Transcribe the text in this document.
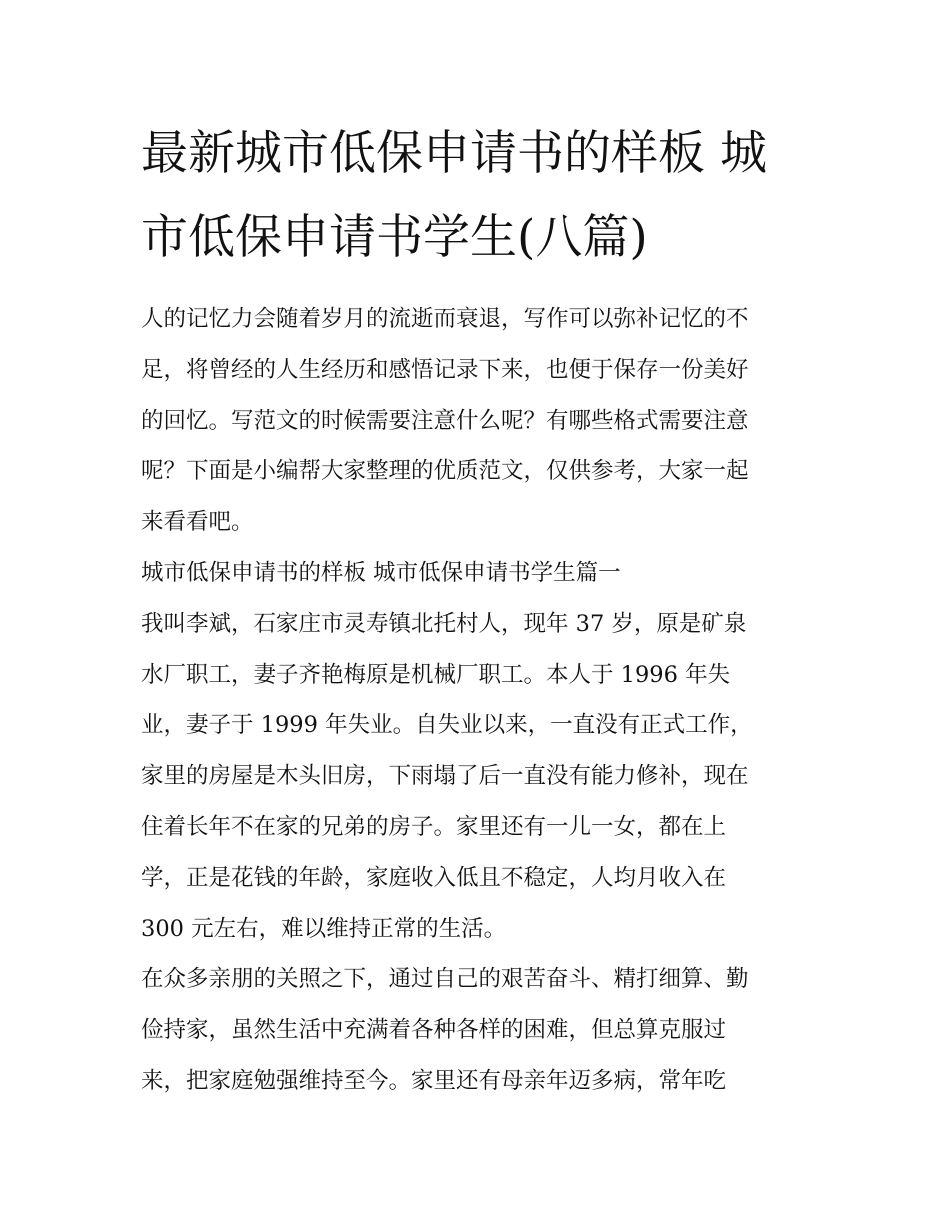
最新城市低保申请书的样板 城
市低保申请书学生(八篇)
人的记忆力会随着岁月的流逝而衰退，写作可以弥补记忆的不
足，将曾经的人生经历和感悟记录下来，也便于保存一份美好
的回忆。写范文的时候需要注意什么呢？有哪些格式需要注意
呢？下面是小编帮大家整理的优质范文，仅供参考，大家一起
来看看吧。
城市低保申请书的样板 城市低保申请书学生篇一
我叫李斌，石家庄市灵寿镇北托村人，现年 37 岁，原是矿泉
水厂职工，妻子齐艳梅原是机械厂职工。本人于 1996 年失
业，妻子于 1999 年失业。自失业以来，一直没有正式工作，
家里的房屋是木头旧房，下雨塌了后一直没有能力修补，现在
住着长年不在家的兄弟的房子。家里还有一儿一女，都在上
学，正是花钱的年龄，家庭收入低且不稳定，人均月收入在
300 元左右，难以维持正常的生活。
在众多亲朋的关照之下，通过自己的艰苦奋斗、精打细算、勤
俭持家，虽然生活中充满着各种各样的困难，但总算克服过
来，把家庭勉强维持至今。家里还有母亲年迈多病，常年吃
